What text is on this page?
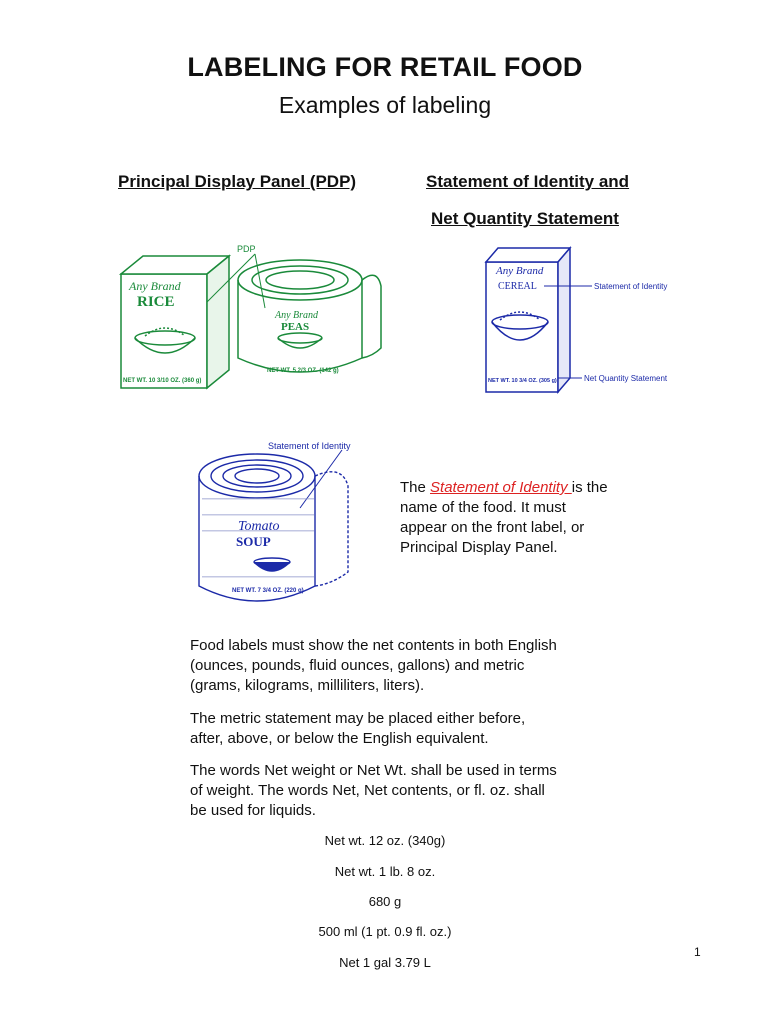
LABELING FOR RETAIL FOOD
Examples of labeling
Principal Display Panel (PDP)	Statement of Identity and
Net Quantity Statement
PDP
Any Brand
RICE
NET WT. 10 3/10 OZ. (360 g)
Any Brand
PEAS
NET WT. 5 2/3 OZ. (142 g)
Any Brand
CEREAL
NET WT. 10 3/4 OZ. (305 g)
Statement of Identity
Net Quantity Statement
Statement of Identity
Tomato
SOUP
NET WT. 7 3/4 OZ. (220 g)
The Statement of Identity is the name of the food. It must appear on the front label, or Principal Display Panel.
Food labels must show the net contents in both English (ounces, pounds, fluid ounces, gallons) and metric (grams, kilograms, milliliters, liters).
The metric statement may be placed either before, after, above, or below the English equivalent.
The words Net weight or Net Wt. shall be used in terms of weight. The words Net, Net contents, or fl. oz. shall be used for liquids.
Net wt. 12 oz. (340g)
Net wt. 1 lb. 8 oz.
680 g
500 ml (1 pt. 0.9 fl. oz.)
Net 1 gal 3.79 L
1
